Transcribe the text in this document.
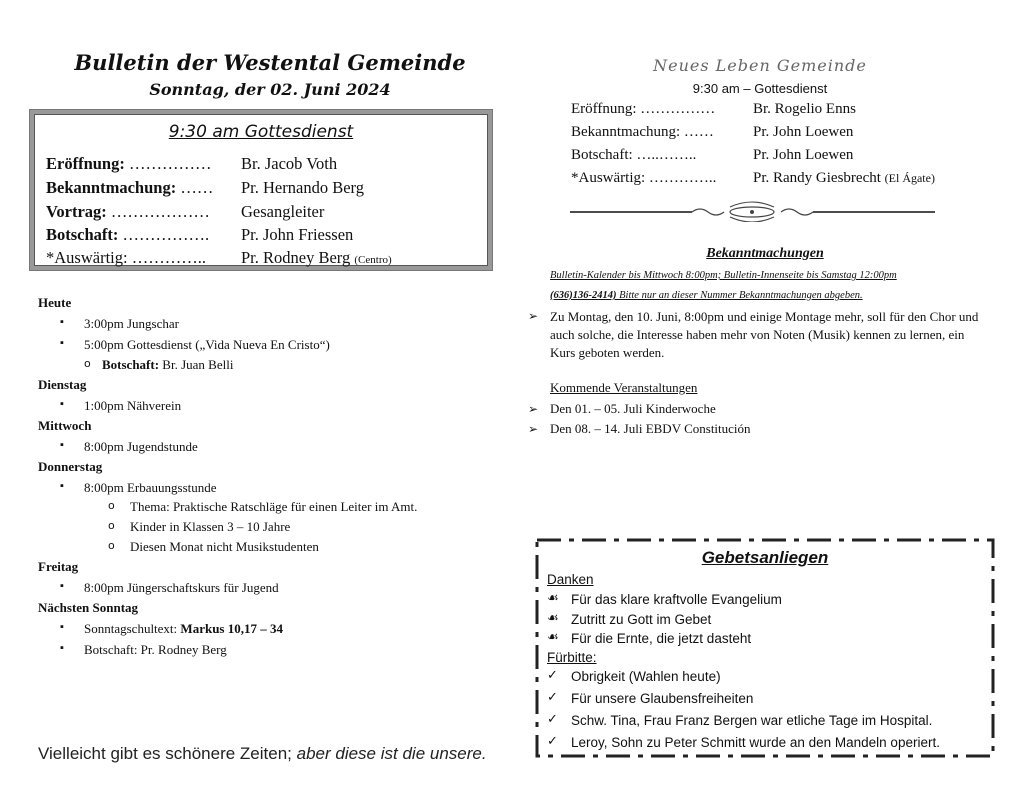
Bulletin der Westental Gemeinde
Sonntag, der 02. Juni 2024
9:30 am Gottesdienst
Eröffnung: …………… Br. Jacob Voth
Bekanntmachung: …… Pr. Hernando Berg
Vortrag: ……………… Gesangleiter
Botschaft: ……………. Pr. John Friessen
*Auswärtig: ………….. Pr. Rodney Berg (Centro)
Heute
▪ 3:00pm Jungschar
▪ 5:00pm Gottesdienst („Vida Nueva En Cristo“)
o Botschaft: Br. Juan Belli
Dienstag
▪ 1:00pm Nähverein
Mittwoch
▪ 8:00pm Jugendstunde
Donnerstag
▪ 8:00pm Erbauungsstunde
o Thema: Praktische Ratschläge für einen Leiter im Amt.
o Kinder in Klassen 3 – 10 Jahre
o Diesen Monat nicht Musikstudenten
Freitag
▪ 8:00pm Jüngerschaftskurs für Jugend
Nächsten Sonntag
▪ Sonntagschultext: Markus 10,17 – 34
▪ Botschaft: Pr. Rodney Berg
Vielleicht gibt es schönere Zeiten; aber diese ist die unsere.
Neues Leben Gemeinde
9:30 am – Gottesdienst
Eröffnung: ……………	Br. Rogelio Enns
Bekanntmachung: ……	Pr. John Loewen
Botschaft: …..……..	Pr. John Loewen
*Auswärtig: ………….. Pr. Randy Giesbrecht (El Ágate)
Bekanntmachungen
Bulletin-Kalender bis Mittwoch 8:00pm; Bulletin-Innenseite bis Samstag 12:00pm
(636)136-2414) Bitte nur an dieser Nummer Bekanntmachungen abgeben.
➢ Zu Montag, den 10. Juni, 8:00pm und einige Montage mehr, soll für den Chor und auch solche, die Interesse haben mehr von Noten (Musik) kennen zu lernen, ein Kurs geboten werden.
Kommende Veranstaltungen
➢ Den 01. – 05. Juli Kinderwoche
➢ Den 08. – 14. Juli EBDV Constitución
Gebetsanliegen
Danken
☙ Für das klare kraftvolle Evangelium
☙ Zutritt zu Gott im Gebet
☙ Für die Ernte, die jetzt dasteht
Fürbitte:
✓ Obrigkeit (Wahlen heute)
✓ Für unsere Glaubensfreiheiten
✓ Schw. Tina, Frau Franz Bergen war etliche Tage im Hospital.
✓ Leroy, Sohn zu Peter Schmitt wurde an den Mandeln operiert.
